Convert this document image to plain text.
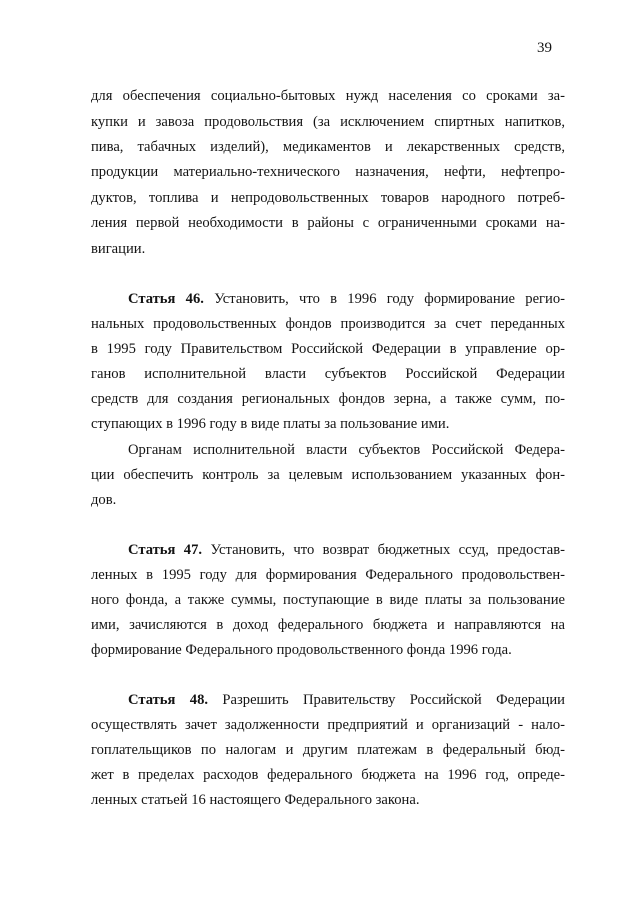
39
для обеспечения социально-бытовых нужд населения со сроками за-
купки и завоза продовольствия (за исключением спиртных напитков,
пива, табачных изделий), медикаментов и лекарственных средств,
продукции материально-технического назначения, нефти, нефтепро-
дуктов, топлива и непродовольственных товаров народного потреб-
ления первой необходимости в районы с ограниченными сроками на-
вигации.
Статья 46. Установить, что в 1996 году формирование регио-
нальных продовольственных фондов производится за счет переданных
в 1995 году Правительством Российской Федерации в управление ор-
ганов исполнительной власти субъектов Российской Федерации
средств для создания региональных фондов зерна, а также сумм, по-
ступающих в 1996 году в виде платы за пользование ими.
Органам исполнительной власти субъектов Российской Федера-
ции обеспечить контроль за целевым использованием указанных фон-
дов.
Статья 47. Установить, что возврат бюджетных ссуд, предостав-
ленных в 1995 году для формирования Федерального продовольствен-
ного фонда, а также суммы, поступающие в виде платы за пользование
ими, зачисляются в доход федерального бюджета и направляются на
формирование Федерального продовольственного фонда 1996 года.
Статья 48. Разрешить Правительству Российской Федерации
осуществлять зачет задолженности предприятий и организаций - нало-
гоплательщиков по налогам и другим платежам в федеральный бюд-
жет в пределах расходов федерального бюджета на 1996 год, опреде-
ленных статьей 16 настоящего Федерального закона.
